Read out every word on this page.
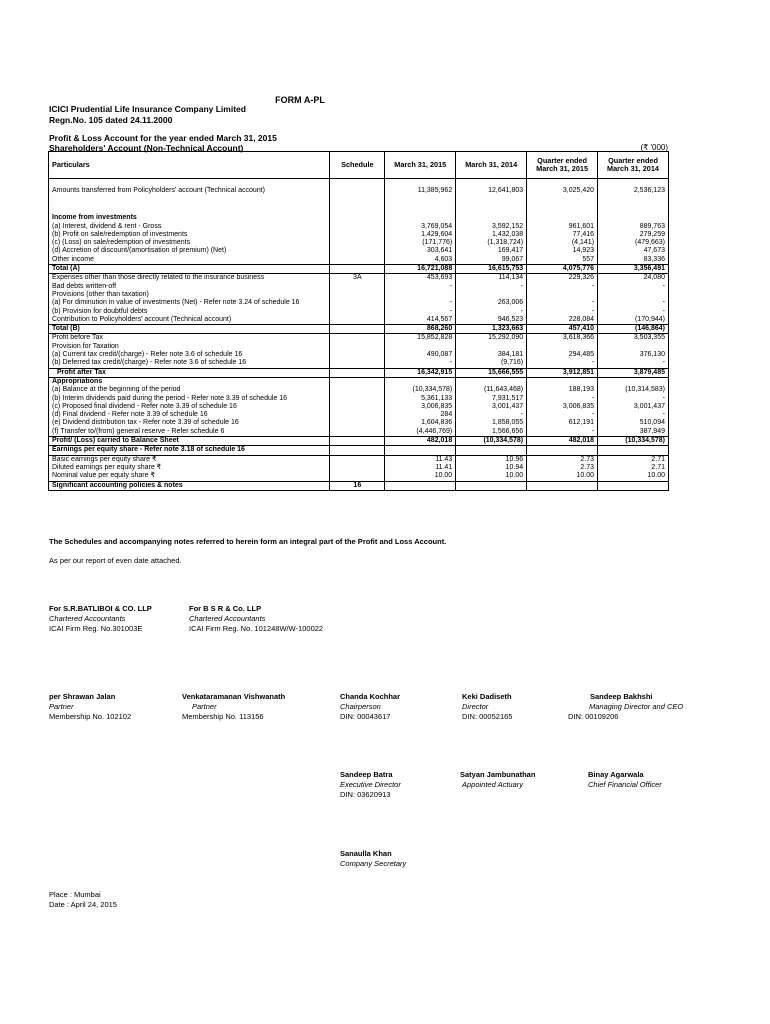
FORM A-PL
ICICI Prudential Life Insurance Company Limited
Regn.No. 105 dated 24.11.2000
Profit & Loss Account for the year ended March 31, 2015
Shareholders' Account (Non-Technical Account)	(₹ '000)
Particulars	Schedule	March 31, 2015	March 31, 2014	Quarter ended March 31, 2015	Quarter ended March 31, 2014

Amounts transferred from Policyholders' account (Technical account)		11,385,962	12,641,803	3,025,420	2,536,123

Income from investments					
(a) Interest, dividend & rent - Gross		3,769,054	3,592,152	961,601	889,763
(b) Profit on sale/redemption of investments		1,429,604	1,432,038	77,416	279,259
(c) (Loss) on sale/redemption of investments		(171,776)	(1,318,724)	(4,141)	(479,663)
(d) Accretion of discount/(amortisation of premium) (Net)		303,641	169,417	14,923	47,673
Other income		4,603	99,067	557	83,336
Total (A)		16,721,088	16,615,753	4,075,776	3,356,491
Expenses other than those directly related to the insurance business	3A	453,693	114,134	229,326	24,080
Bad debts written-off		-	-	-	-
Provisions (other than taxation)					
(a) For diminution in value of investments (Net) - Refer note 3.24 of schedule 16		-	263,006	-	-
(b) Provision for doubtful debts		-	-	-	-
Contribution to Policyholders' account (Technical account)		414,567	946,523	228,084	(170,944)
Total (B)		868,260	1,323,663	457,410	(146,864)
Profit before Tax		15,852,828	15,292,090	3,618,366	3,503,355
Provision for Taxation					
(a) Current tax credit/(charge) - Refer note 3.6 of schedule 16		490,087	384,181	294,485	376,130
(b) Deferred tax credit/(charge) - Refer note 3.6 of schedule 16		-	(9,716)	-	-
Profit after Tax		16,342,915	15,666,555	3,912,851	3,879,485
Appropriations					
(a) Balance at the beginning of the period		(10,334,578)	(11,643,468)	188,193	(10,314,583)
(b) Interim dividends paid during the period - Refer note 3.39 of schedule 16		5,361,133	7,931,517	-	-
(c) Proposed final dividend - Refer note 3.39 of schedule 16		3,006,835	3,001,437	3,006,835	3,001,437
(d) Final dividend - Refer note 3.39 of schedule 16		284	-	-	-
(e) Dividend distribution tax - Refer note 3.39 of schedule 16		1,604,836	1,858,055	612,191	510,094
(f) Transfer to/(from) general reserve - Refer schedule 6		(4,446,769)	1,566,656	-	387,949
Profit/ (Loss) carried to Balance Sheet		482,018	(10,334,578)	482,018	(10,334,578)
Earnings per equity share - Refer note 3.18 of schedule 16					
Basic earnings per equity share ₹		11.43	10.96	2.73	2.71
Diluted earnings per equity share ₹		11.41	10.94	2.73	2.71
Nominal value per equity share ₹		10.00	10.00	10.00	10.00
Significant accounting policies & notes	16				
The Schedules and accompanying notes referred to herein form an integral part of the Profit and Loss Account.
As per our report of even date attached.
For S.R.BATLIBOI & CO. LLP
Chartered Accountants
ICAI Firm Reg. No.301003E
For B S R & Co. LLP
Chartered Accountants
ICAI Firm Reg. No. 101248W/W-100022
per Shrawan Jalan
Partner
Membership No. 102102
Venkataramanan Vishwanath
Partner
Membership No. 113156
Chanda Kochhar
Chairperson
DIN: 00043617
Keki Dadiseth
Director
DIN: 00052165
Sandeep Bakhshi
Managing Director and CEO
DIN: 00109206
Sandeep Batra
Executive Director
DIN: 03620913
Satyan Jambunathan
Appointed Actuary
Binay Agarwala
Chief Financial Officer
Sanaulla Khan
Company Secretary
Place : Mumbai
Date : April 24, 2015
